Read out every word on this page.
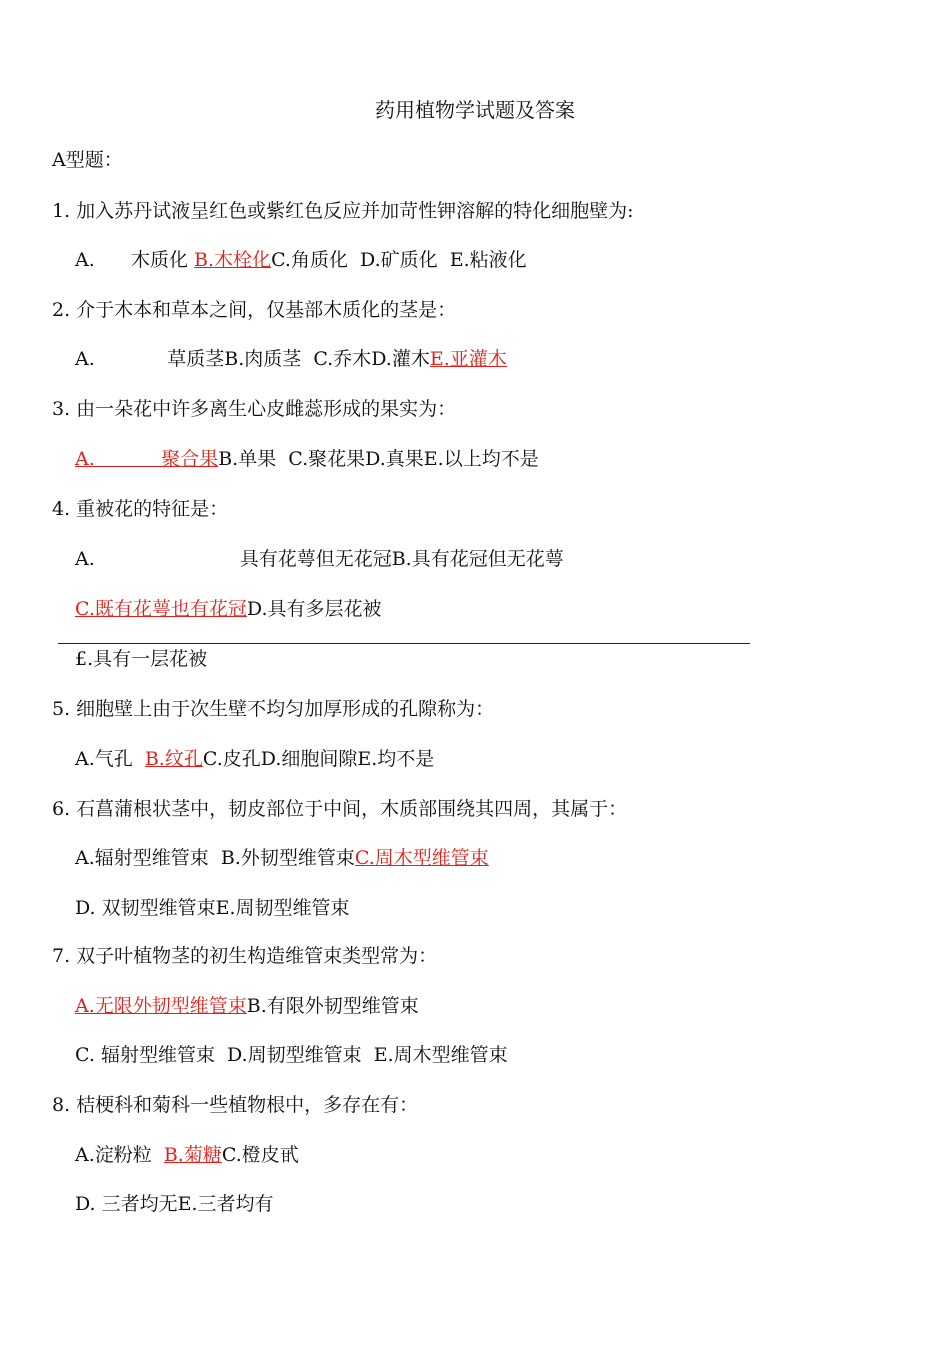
药用植物学试题及答案
A型题：
1. 加入苏丹试液呈红色或紫红色反应并加苛性钾溶解的特化细胞壁为:
A.      木质化 B.木栓化C.角质化  D.矿质化  E.粘液化
2. 介于木本和草本之间，仅基部木质化的茎是：
A.            草质茎B.肉质茎  C.乔木D.灌木E.亚灌木
3. 由一朵花中许多离生心皮雌蕊形成的果实为：
A.           聚合果B.单果  C.聚花果D.真果E.以上均不是
4. 重被花的特征是：
A.                        具有花萼但无花冠B.具有花冠但无花萼
C.既有花萼也有花冠D.具有多层花被
£.具有一层花被
5. 细胞壁上由于次生壁不均匀加厚形成的孔隙称为：
A.气孔  B.纹孔C.皮孔D.细胞间隙E.均不是
6. 石菖蒲根状茎中，韧皮部位于中间，木质部围绕其四周，其属于：
A.辐射型维管束  B.外韧型维管束C.周木型维管束
D. 双韧型维管束E.周韧型维管束
7. 双子叶植物茎的初生构造维管束类型常为：
A.无限外韧型维管束B.有限外韧型维管束
C. 辐射型维管束  D.周韧型维管束  E.周木型维管束
8. 桔梗科和菊科一些植物根中，多存在有：
A.淀粉粒  B.菊糖C.橙皮甙
D. 三者均无E.三者均有
